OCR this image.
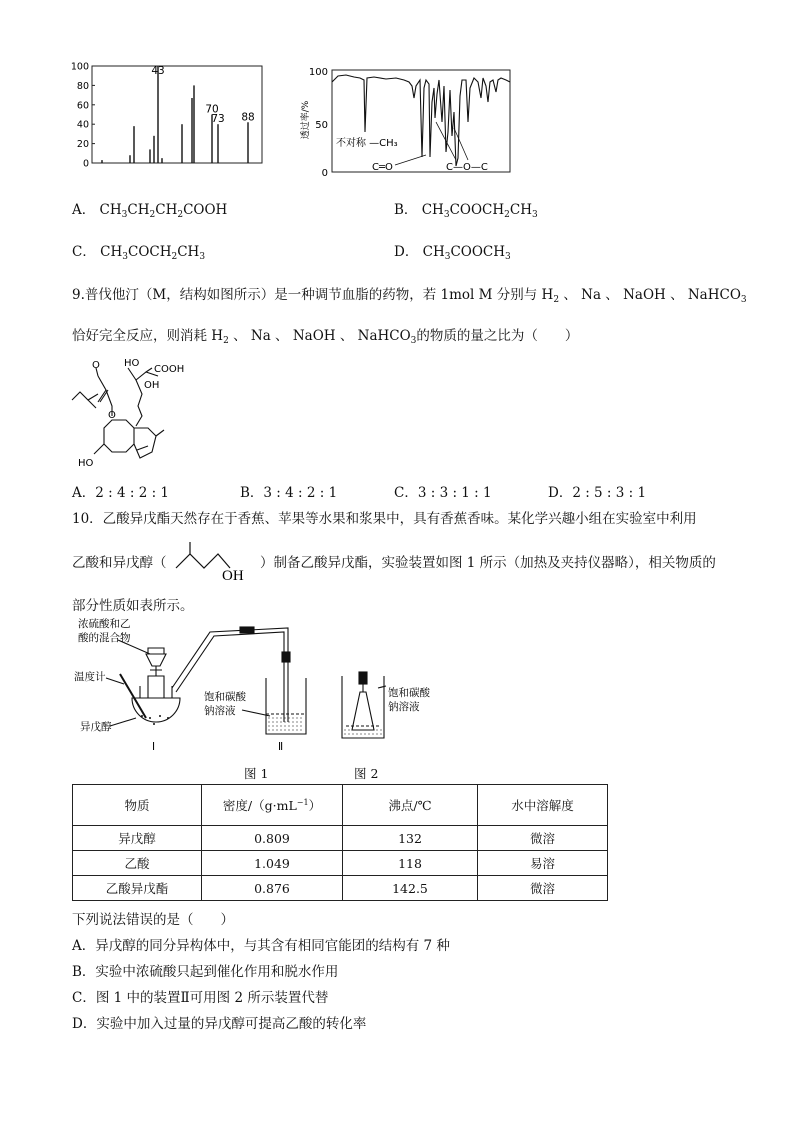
100
80
60
40
20
0
43
70
73 88	透过率/%
100
50
0
不对称 —CH₃
C═O	C—O—C
A． $CH_3CH_2CH_2COOH$	B． $CH_3COOCH_2CH_3$
C． $CH_3COCH_2CH_3$	D． $CH_3COOCH_3$
9.普伐他汀（M，结构如图所示）是一种调节血脂的药物，若 1mol M 分别与 $H_2$ 、 Na 、 NaOH 、 NaHCO$_3$
恰好完全反应，则消耗 $H_2$ 、 Na 、 NaOH 、 NaHCO$_3$的物质的量之比为（　　）
HO
COOH
OH
O
O
HO
A．2 : 4 : 2 : 1	B．3 : 4 : 2 : 1	C．3 : 3 : 1 : 1	D．2 : 5 : 3 : 1
10．乙酸异戊酯天然存在于香蕉、苹果等水果和浆果中，具有香蕉香味。某化学兴趣小组在实验室中利用
乙酸和异戊醇（
OH
）制备乙酸异戊酯，实验装置如图 1 所示（加热及夹持仪器略），相关物质的
部分性质如表所示。
浓硫酸和乙
酸的混合物
温度计
异戊醇
Ⅰ
饱和碳酸
钠溶液
Ⅱ
饱和碳酸
钠溶液
图 1	图 2
物质	密度$/(g\cdot mL^{-1})$	沸点/℃	水中溶解度
异戊醇	0.809	132	微溶
乙酸	1.049	118	易溶
乙酸异戊酯	0.876	142.5	微溶
下列说法错误的是（　　）
A．异戊醇的同分异构体中，与其含有相同官能团的结构有 7 种
B．实验中浓硫酸只起到催化作用和脱水作用
C．图 1 中的装置Ⅱ可用图 2 所示装置代替
D．实验中加入过量的异戊醇可提高乙酸的转化率
